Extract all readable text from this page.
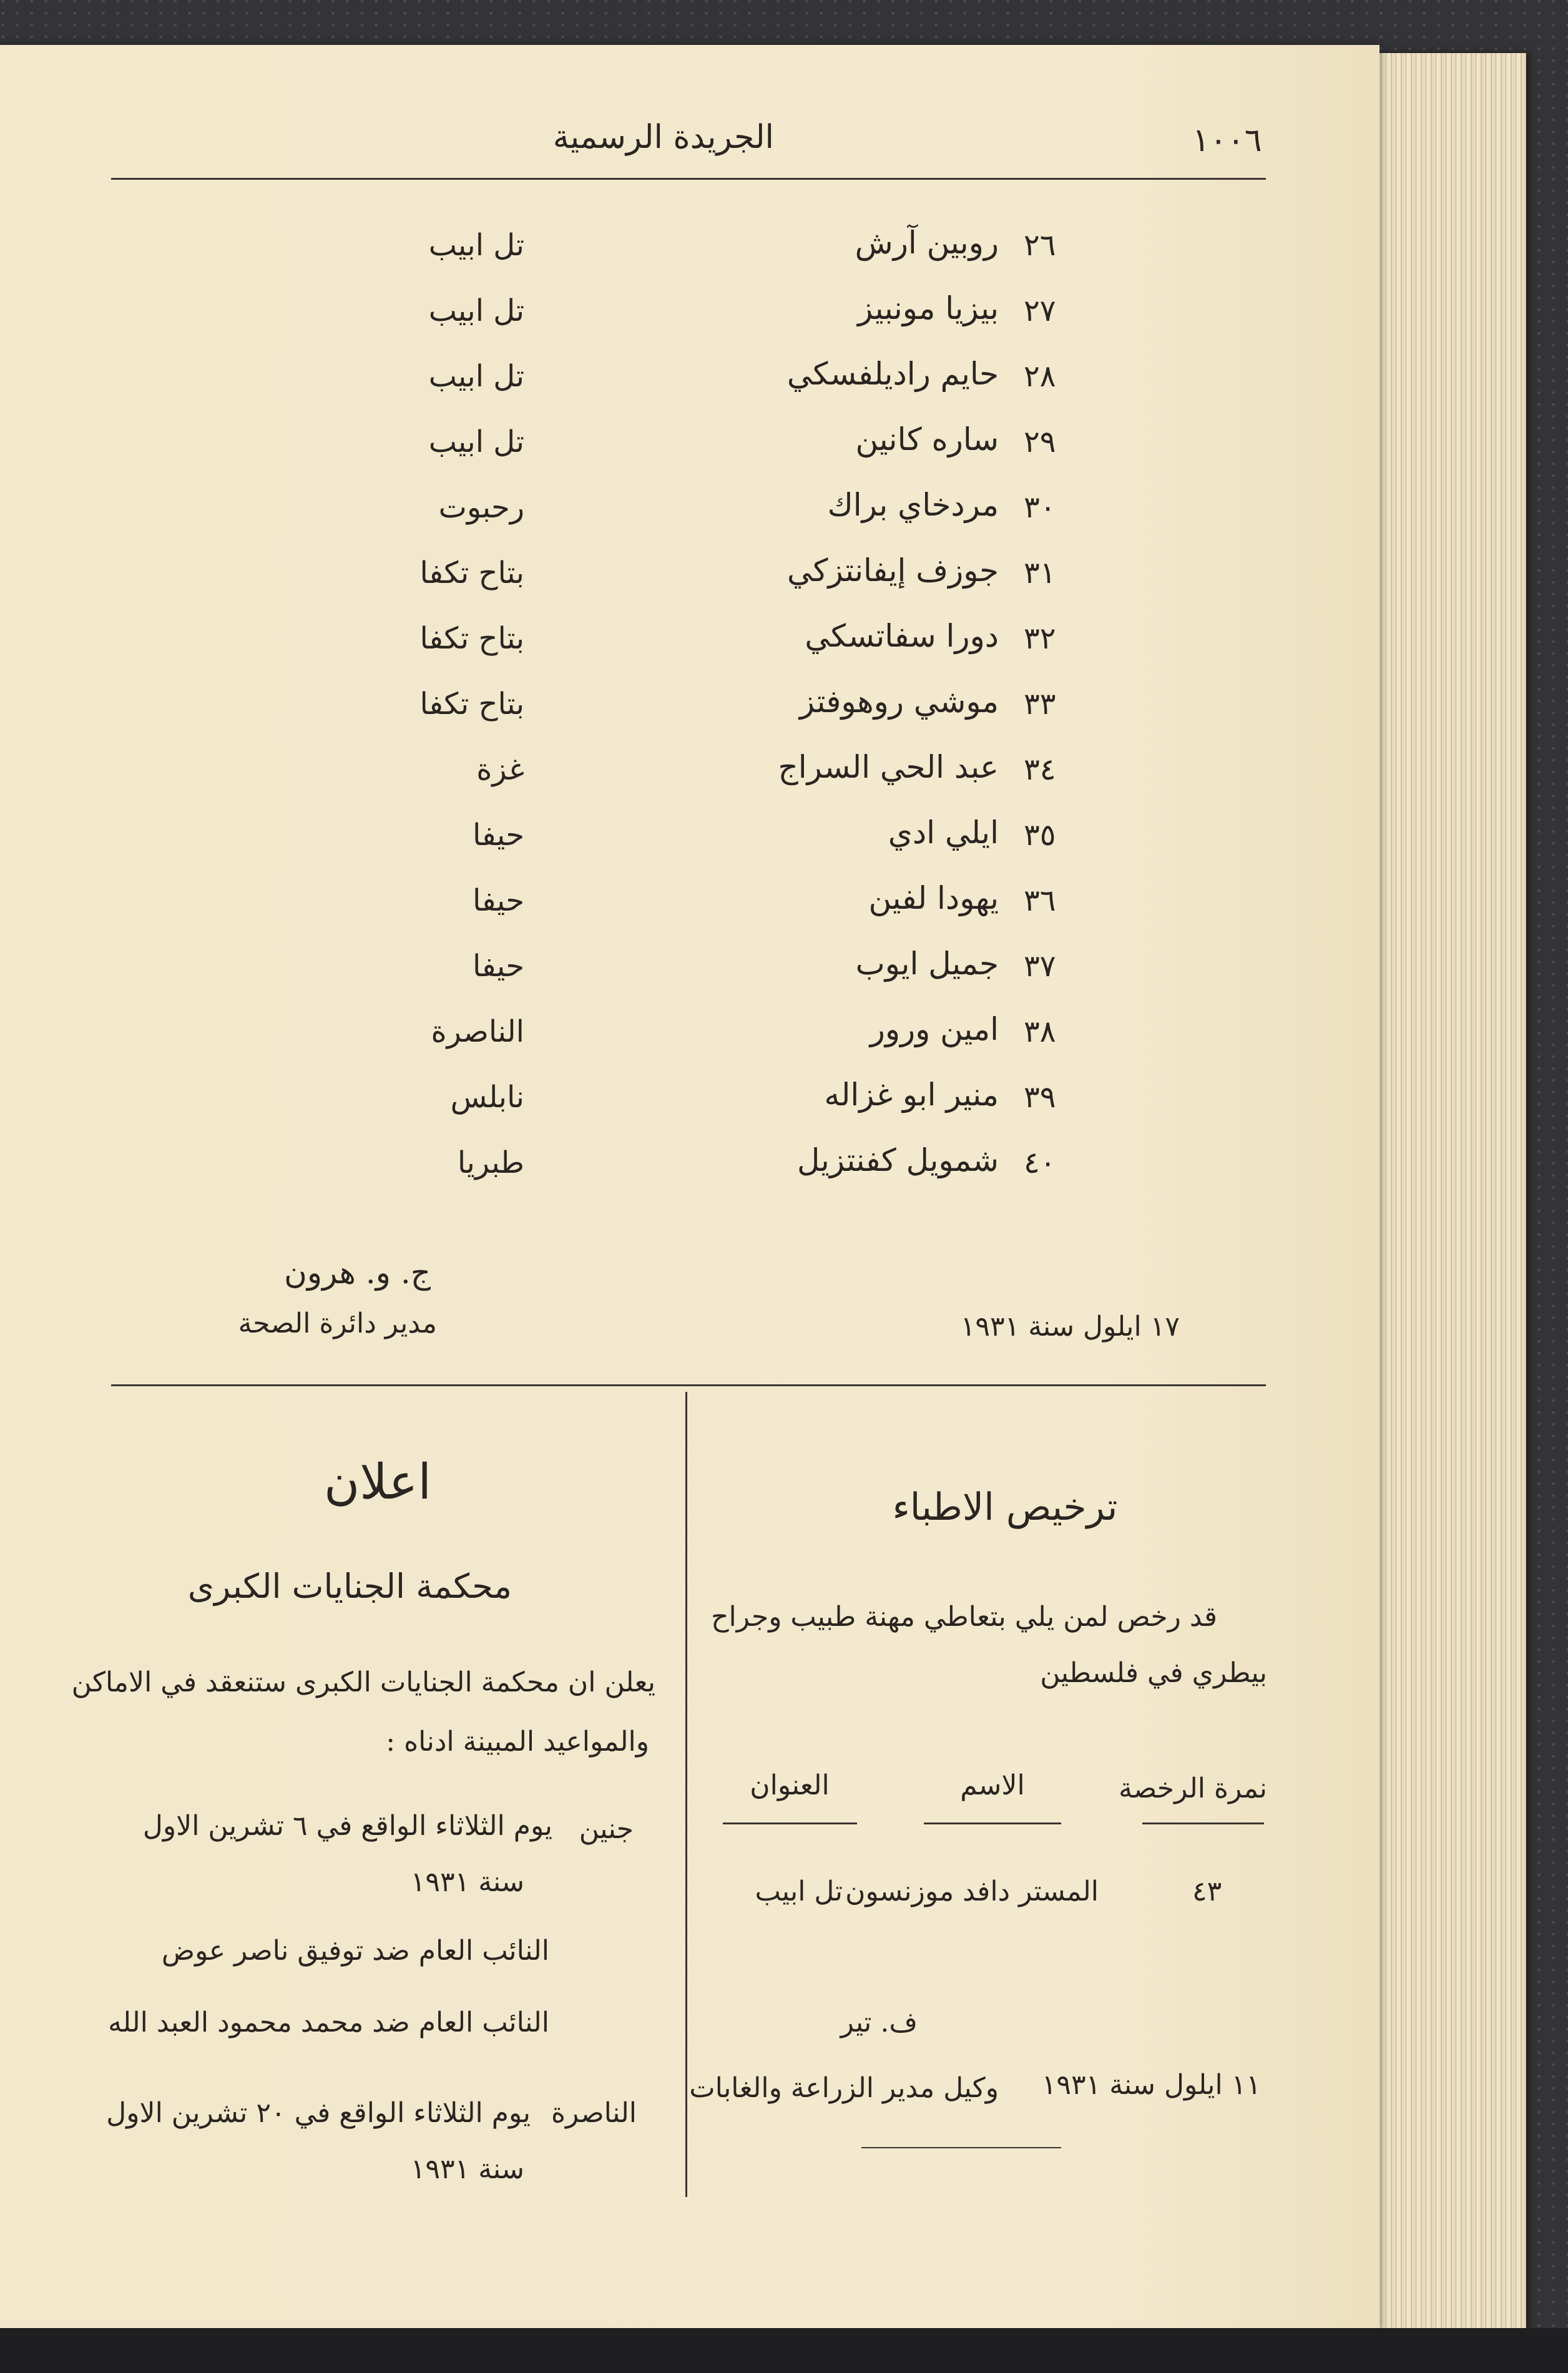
١٠٠٦
الجريدة الرسمية
٢٦
روبين آرش
تل ابيب
٢٧
بيزيا مونبيز
تل ابيب
٢٨
حايم راديلفسكي
تل ابيب
٢٩
ساره كانين
تل ابيب
٣٠
مردخاي براك
رحبوت
٣١
جوزف إيفانتزكي
بتاح تكفا
٣٢
دورا سفاتسكي
بتاح تكفا
٣٣
موشي روهوفتز
بتاح تكفا
٣٤
عبد الحي السراج
غزة
٣٥
ايلي ادي
حيفا
٣٦
يهودا لفين
حيفا
٣٧
جميل ايوب
حيفا
٣٨
امين ورور
الناصرة
٣٩
منير ابو غزاله
نابلس
٤٠
شمويل كفنتزيل
طبريا
ج. و. هرون
مدير دائرة الصحة	١٧ ايلول سنة ١٩٣١
ترخيص الاطباء
قد رخص لمن يلي بتعاطي مهنة طبيب وجراح
بيطري في فلسطين
نمرة الرخصة
الاسم
العنوان
٤٣
المستر دافد موزنسون
تل ابيب
ف. تير
١١ ايلول سنة ١٩٣١
وكيل مدير الزراعة والغابات
اعلان
محكمة الجنايات الكبرى
يعلن ان محكمة الجنايات الكبرى ستنعقد في الاماكن
والمواعيد المبينة ادناه :
جنين
يوم الثلاثاء الواقع في ٦ تشرين الاول
سنة ١٩٣١
النائب العام ضد توفيق ناصر عوض
النائب العام ضد محمد محمود العبد الله
الناصرة
يوم الثلاثاء الواقع في ٢٠ تشرين الاول
سنة ١٩٣١
